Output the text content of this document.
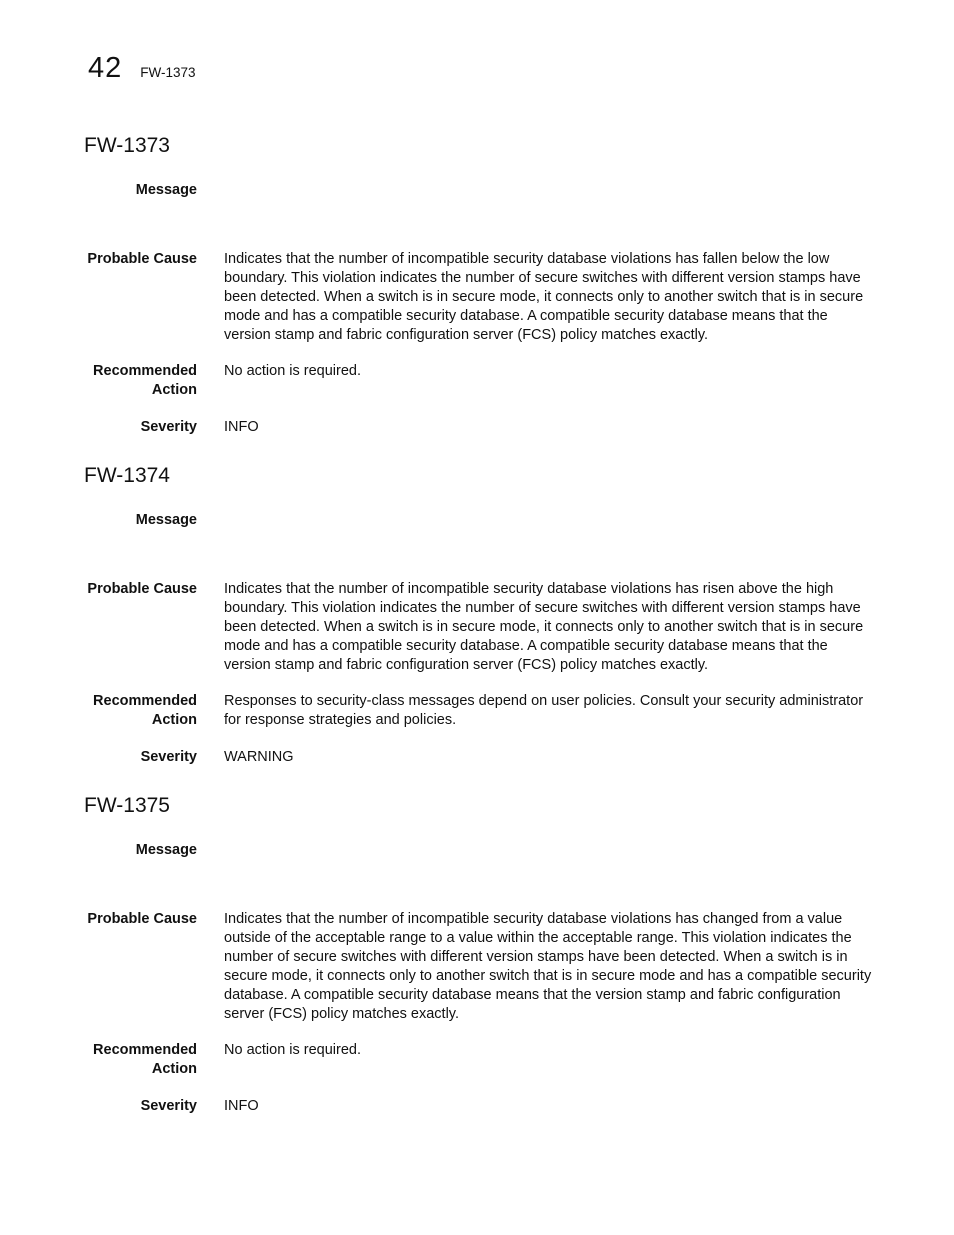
42 FW-1373
FW-1373
Message
Probable Cause Indicates that the number of incompatible security database violations has fallen below the low boundary. This violation indicates the number of secure switches with different version stamps have been detected. When a switch is in secure mode, it connects only to another switch that is in secure mode and has a compatible security database. A compatible security database means that the version stamp and fabric configuration server (FCS) policy matches exactly.
Recommended
Action
No action is required.
Severity INFO
FW-1374
Message
Probable Cause Indicates that the number of incompatible security database violations has risen above the high boundary. This violation indicates the number of secure switches with different version stamps have been detected. When a switch is in secure mode, it connects only to another switch that is in secure mode and has a compatible security database. A compatible security database means that the version stamp and fabric configuration server (FCS) policy matches exactly.
Recommended
Action
Responses to security-class messages depend on user policies. Consult your security administrator for response strategies and policies.
Severity WARNING
FW-1375
Message
Probable Cause Indicates that the number of incompatible security database violations has changed from a value outside of the acceptable range to a value within the acceptable range. This violation indicates the number of secure switches with different version stamps have been detected. When a switch is in secure mode, it connects only to another switch that is in secure mode and has a compatible security database. A compatible security database means that the version stamp and fabric configuration server (FCS) policy matches exactly.
Recommended
Action
No action is required.
Severity INFO
